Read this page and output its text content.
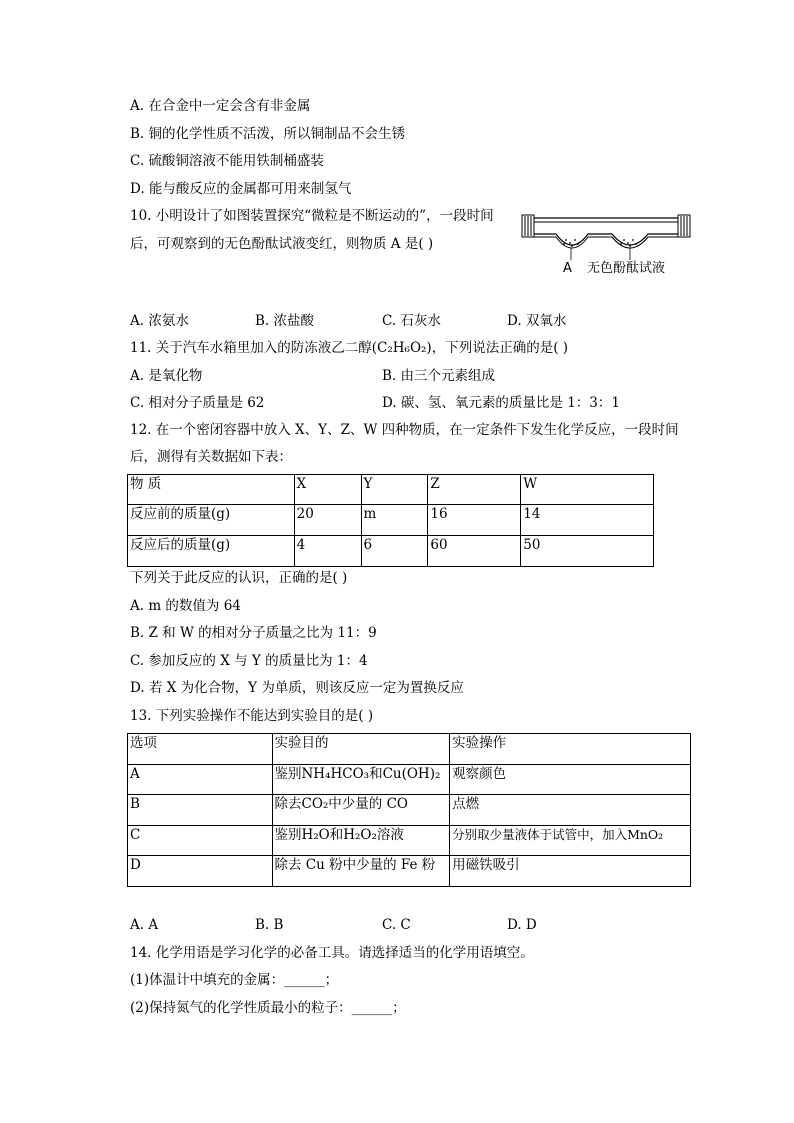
A. 在合金中一定会含有非金属
B. 铜的化学性质不活泼，所以铜制品不会生锈
C. 硫酸铜溶液不能用铁制桶盛装
D. 能与酸反应的金属都可用来制氢气
10. 小明设计了如图装置探究“微粒是不断运动的”，一段时间
后，可观察到的无色酚酞试液变红，则物质 A 是( )
A 无色酚酞试液
A. 浓氨水	B. 浓盐酸	C. 石灰水	D. 双氧水
11. 关于汽车水箱里加入的防冻液乙二醇(C₂H₆O₂)，下列说法正确的是( )
A. 是氧化物	B. 由三个元素组成
C. 相对分子质量是 62	D. 碳、氢、氧元素的质量比是 1：3：1
12. 在一个密闭容器中放入 X、Y、Z、W 四种物质，在一定条件下发生化学反应，一段时间
后，测得有关数据如下表：
物 质	X	Y	Z	W
反应前的质量(g)	20	m	16	14
反应后的质量(g)	4	6	60	50
下列关于此反应的认识，正确的是( )
A. m 的数值为 64
B. Z 和 W 的相对分子质量之比为 11：9
C. 参加反应的 X 与 Y 的质量比为 1：4
D. 若 X 为化合物，Y 为单质，则该反应一定为置换反应
13. 下列实验操作不能达到实验目的是( )
选项	实验目的	实验操作
A	鉴别NH₄HCO₃和Cu(OH)₂	观察颜色
B	除去CO₂中少量的 CO	点燃
C	鉴别H₂O和H₂O₂溶液	分别取少量液体于试管中，加入MnO₂
D	除去 Cu 粉中少量的 Fe 粉	用磁铁吸引
A. A	B. B	C. C	D. D
14. 化学用语是学习化学的必备工具。请选择适当的化学用语填空。
(1)体温计中填充的金属：______；
(2)保持氮气的化学性质最小的粒子：______；
